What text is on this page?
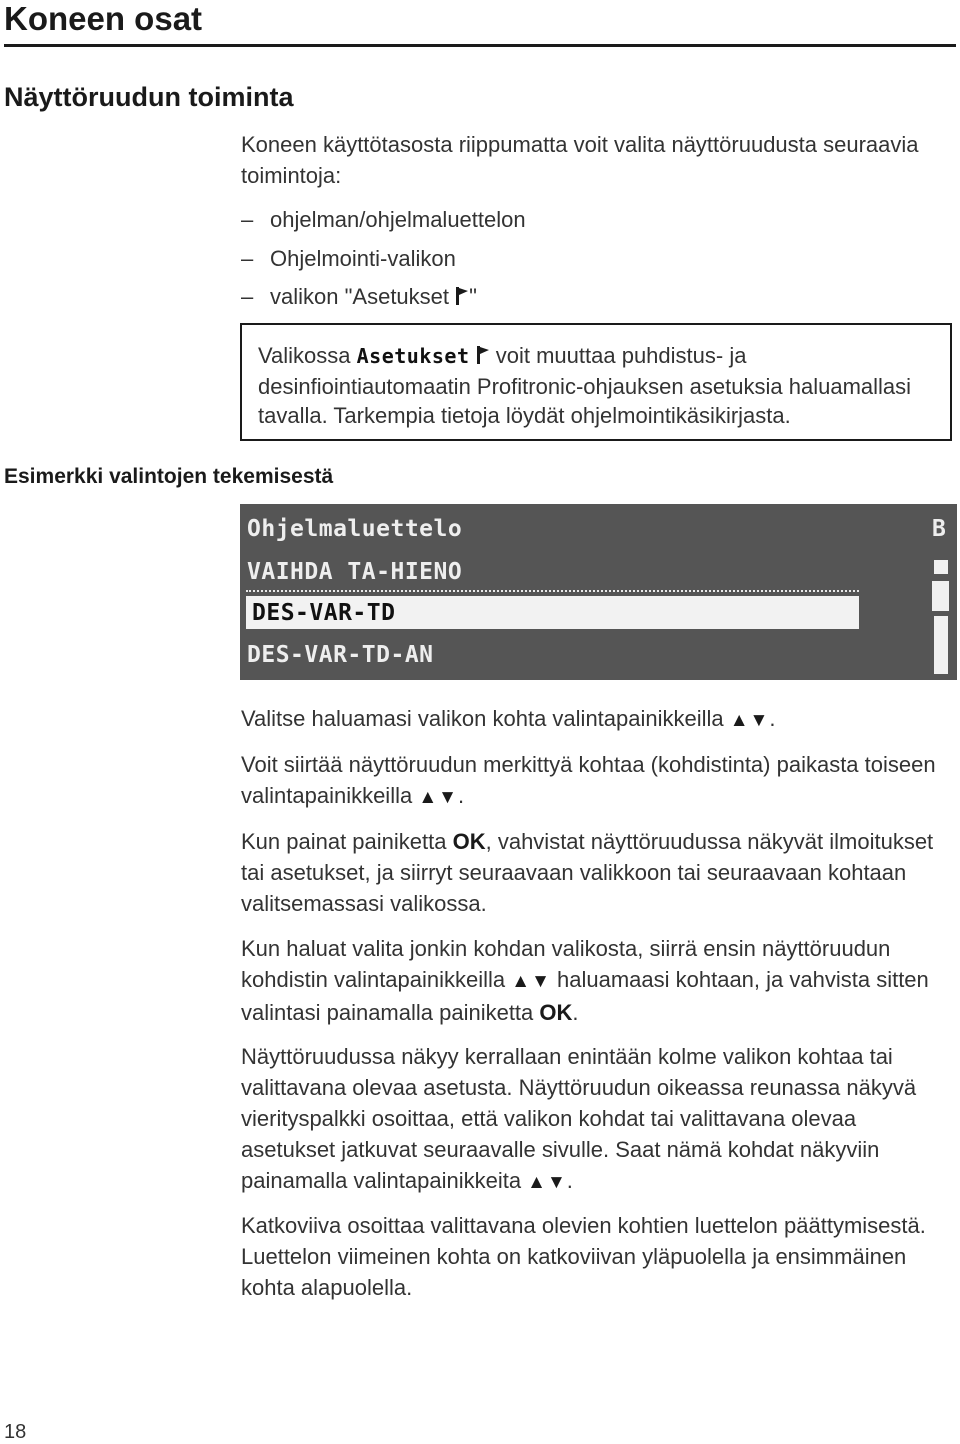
Koneen osat
Näyttöruudun toiminta
Koneen käyttötasosta riippumatta voit valita näyttöruudusta seuraavia toimintoja:
– ohjelman/ohjelmaluettelon
– Ohjelmointi-valikon
– valikon "Asetukset "
Valikossa Asetukset  voit muuttaa puhdistus- ja desinfiointiautomaatin Profitronic-ohjauksen asetuksia haluamallasi tavalla. Tarkempia tietoja löydät ohjelmointikäsikirjasta.
Esimerkki valintojen tekemisestä
Ohjelmaluettelo	B
VAIHDA TA-HIENO
DES-VAR-TD
DES-VAR-TD-AN
Valitse haluamasi valikon kohta valintapainikkeilla ▲▼.
Voit siirtää näyttöruudun merkittyä kohtaa (kohdistinta) paikasta toiseen valintapainikkeilla ▲▼.
Kun painat painiketta OK, vahvistat näyttöruudussa näkyvät ilmoitukset tai asetukset, ja siirryt seuraavaan valikkoon tai seuraavaan kohtaan valitsemassasi valikossa.
Kun haluat valita jonkin kohdan valikosta, siirrä ensin näyttöruudun kohdistin valintapainikkeilla ▲▼ haluamaasi kohtaan, ja vahvista sitten valintasi painamalla painiketta OK.
Näyttöruudussa näkyy kerrallaan enintään kolme valikon kohtaa tai valittavana olevaa asetusta. Näyttöruudun oikeassa reunassa näkyvä vierityspalkki osoittaa, että valikon kohdat tai valittavana olevaa asetukset jatkuvat seuraavalle sivulle. Saat nämä kohdat näkyviin painamalla valintapainikkeita ▲▼.
Katkoviiva osoittaa valittavana olevien kohtien luettelon päättymisestä. Luettelon viimeinen kohta on katkoviivan yläpuolella ja ensimmäinen kohta alapuolella.
18
